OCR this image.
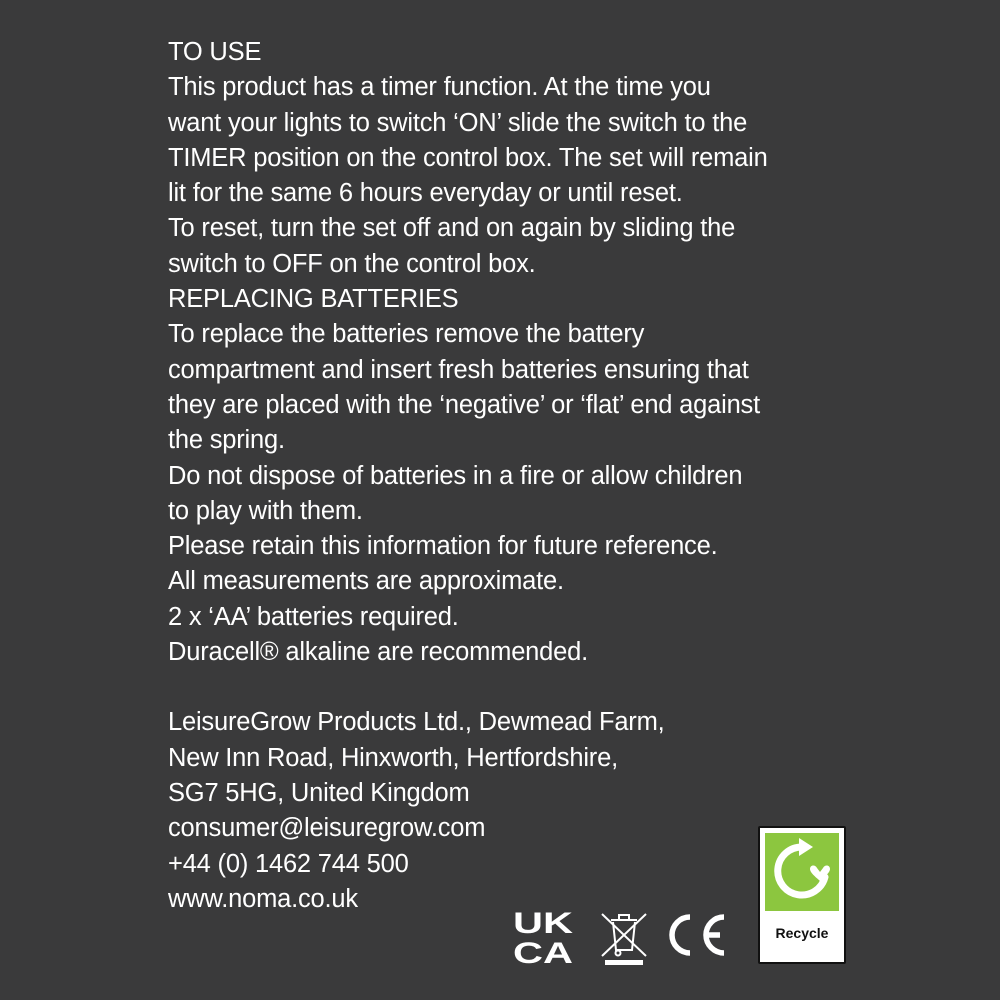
TO USE
This product has a timer function. At the time you
want your lights to switch ‘ON’ slide the switch to the
TIMER position on the control box. The set will remain
lit for the same 6 hours everyday or until reset.
To reset, turn the set off and on again by sliding the
switch to OFF on the control box.
REPLACING BATTERIES
To replace the batteries remove the battery
compartment and insert fresh batteries ensuring that
they are placed with the ‘negative’ or ‘flat’ end against
the spring.
Do not dispose of batteries in a fire or allow children
to play with them.
Please retain this information for future reference.
All measurements are approximate.
2 x ‘AA’ batteries required.
Duracell® alkaline are recommended.
LeisureGrow Products Ltd., Dewmead Farm,
New Inn Road, Hinxworth, Hertfordshire,
SG7 5HG, United Kingdom
consumer@leisuregrow.com
+44 (0) 1462 744 500
www.noma.co.uk
UK
CA
Recycle
